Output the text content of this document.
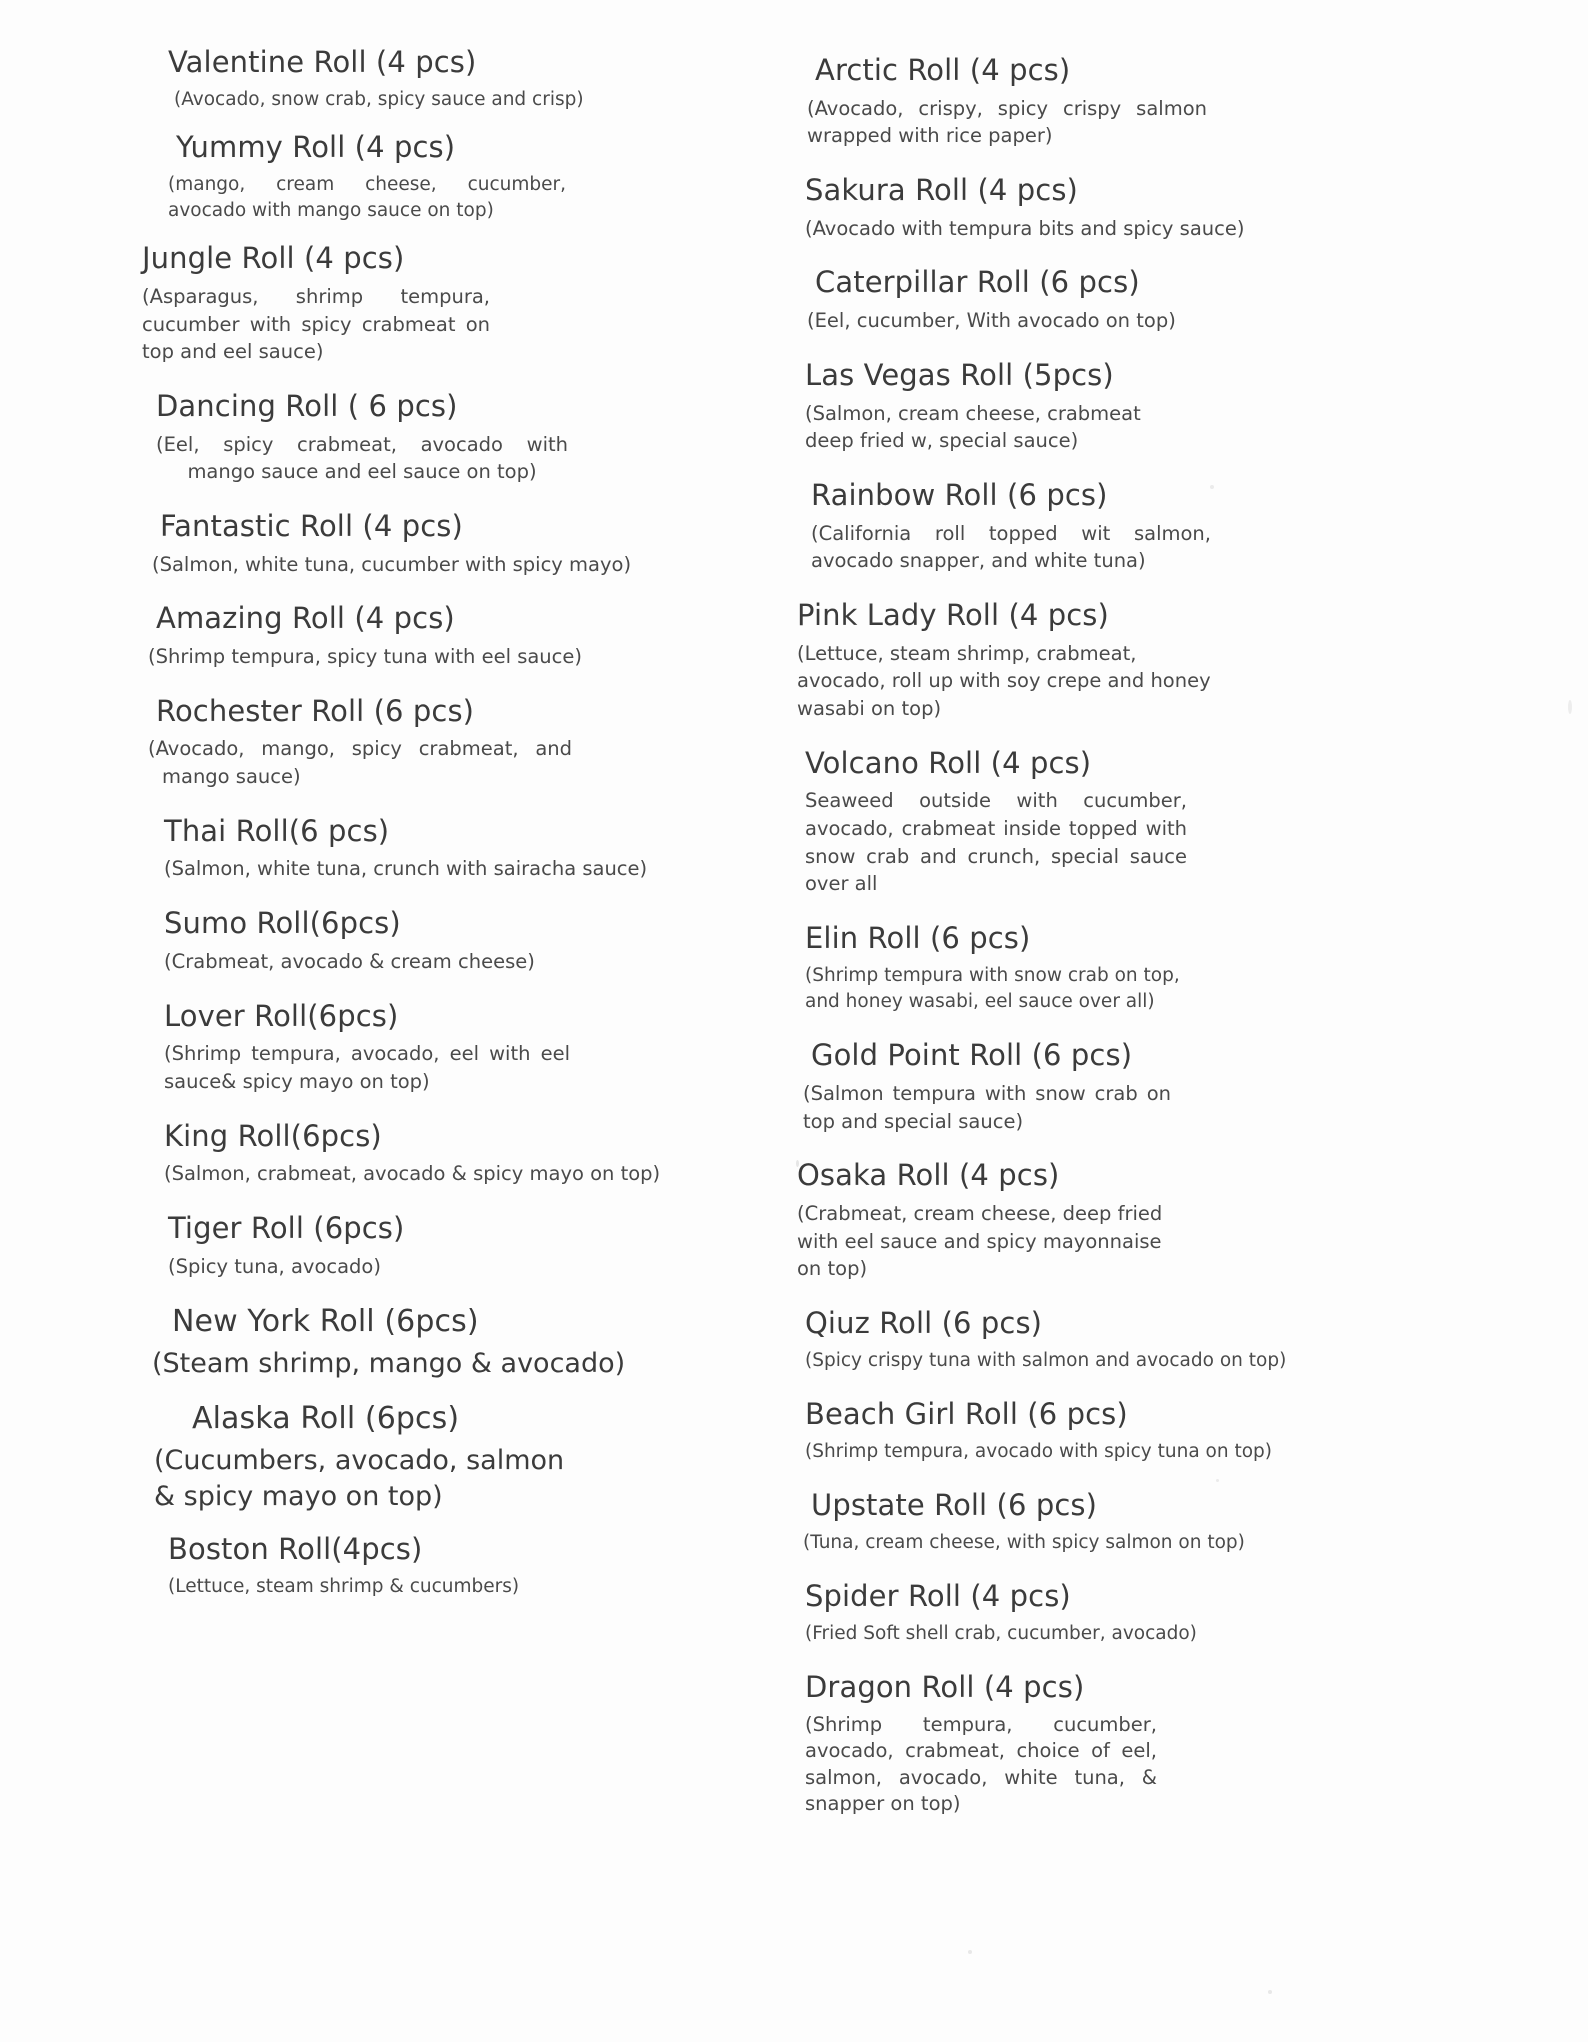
Valentine Roll (4 pcs)

(Avocado, snow crab, spicy sauce and crisp)

Yummy Roll (4 pcs)

(mango, cream cheese, cucumber, avocado with mango sauce on top)

Jungle Roll (4 pcs)

(Asparagus, shrimp tempura, cucumber with spicy crabmeat on top and eel sauce)

Dancing Roll ( 6 pcs)

(Eel, spicy crabmeat, avocado with mango sauce and eel sauce on top)

Fantastic Roll (4 pcs)

(Salmon, white tuna, cucumber with spicy mayo)

Amazing Roll (4 pcs)

(Shrimp tempura, spicy tuna with eel sauce)

Rochester Roll (6 pcs)

(Avocado, mango, spicy crabmeat, and mango sauce)

Thai Roll(6 pcs)

(Salmon, white tuna, crunch with sairacha sauce)

Sumo Roll(6pcs)

(Crabmeat, avocado & cream cheese)

Lover Roll(6pcs)

(Shrimp tempura, avocado, eel with eel sauce& spicy mayo on top)

King Roll(6pcs)

(Salmon, crabmeat, avocado & spicy mayo on top)

Tiger Roll (6pcs)

(Spicy tuna, avocado)

New York Roll (6pcs)

(Steam shrimp, mango & avocado)

Alaska Roll (6pcs)

(Cucumbers, avocado, salmon & spicy mayo on top)

Boston Roll(4pcs)

(Lettuce, steam shrimp & cucumbers)

Arctic Roll (4 pcs)

(Avocado, crispy, spicy crispy salmon wrapped with rice paper)

Sakura Roll (4 pcs)

(Avocado with tempura bits and spicy sauce)

Caterpillar Roll (6 pcs)

(Eel, cucumber, With avocado on top)

Las Vegas Roll (5pcs)

(Salmon, cream cheese, crabmeat deep fried w, special sauce)

Rainbow Roll (6 pcs)

(California roll topped wit salmon, avocado snapper, and white tuna)

Pink Lady Roll (4 pcs)

(Lettuce, steam shrimp, crabmeat, avocado, roll up with soy crepe and honey wasabi on top)

Volcano Roll (4 pcs)

Seaweed outside with cucumber, avocado, crabmeat inside topped with snow crab and crunch, special sauce over all

Elin Roll (6 pcs)

(Shrimp tempura with snow crab on top, and honey wasabi, eel sauce over all)

Gold Point Roll (6 pcs)

(Salmon tempura with snow crab on top and special sauce)

Osaka Roll (4 pcs)

(Crabmeat, cream cheese, deep fried with eel sauce and spicy mayonnaise on top)

Qiuz Roll (6 pcs)

(Spicy crispy tuna with salmon and avocado on top)

Beach Girl Roll (6 pcs)

(Shrimp tempura, avocado with spicy tuna on top)

Upstate Roll (6 pcs)

(Tuna, cream cheese, with spicy salmon on top)

Spider Roll (4 pcs)

(Fried Soft shell crab, cucumber, avocado)

Dragon Roll (4 pcs)

(Shrimp tempura, cucumber, avocado, crabmeat, choice of eel, salmon, avocado, white tuna, & snapper on top)
